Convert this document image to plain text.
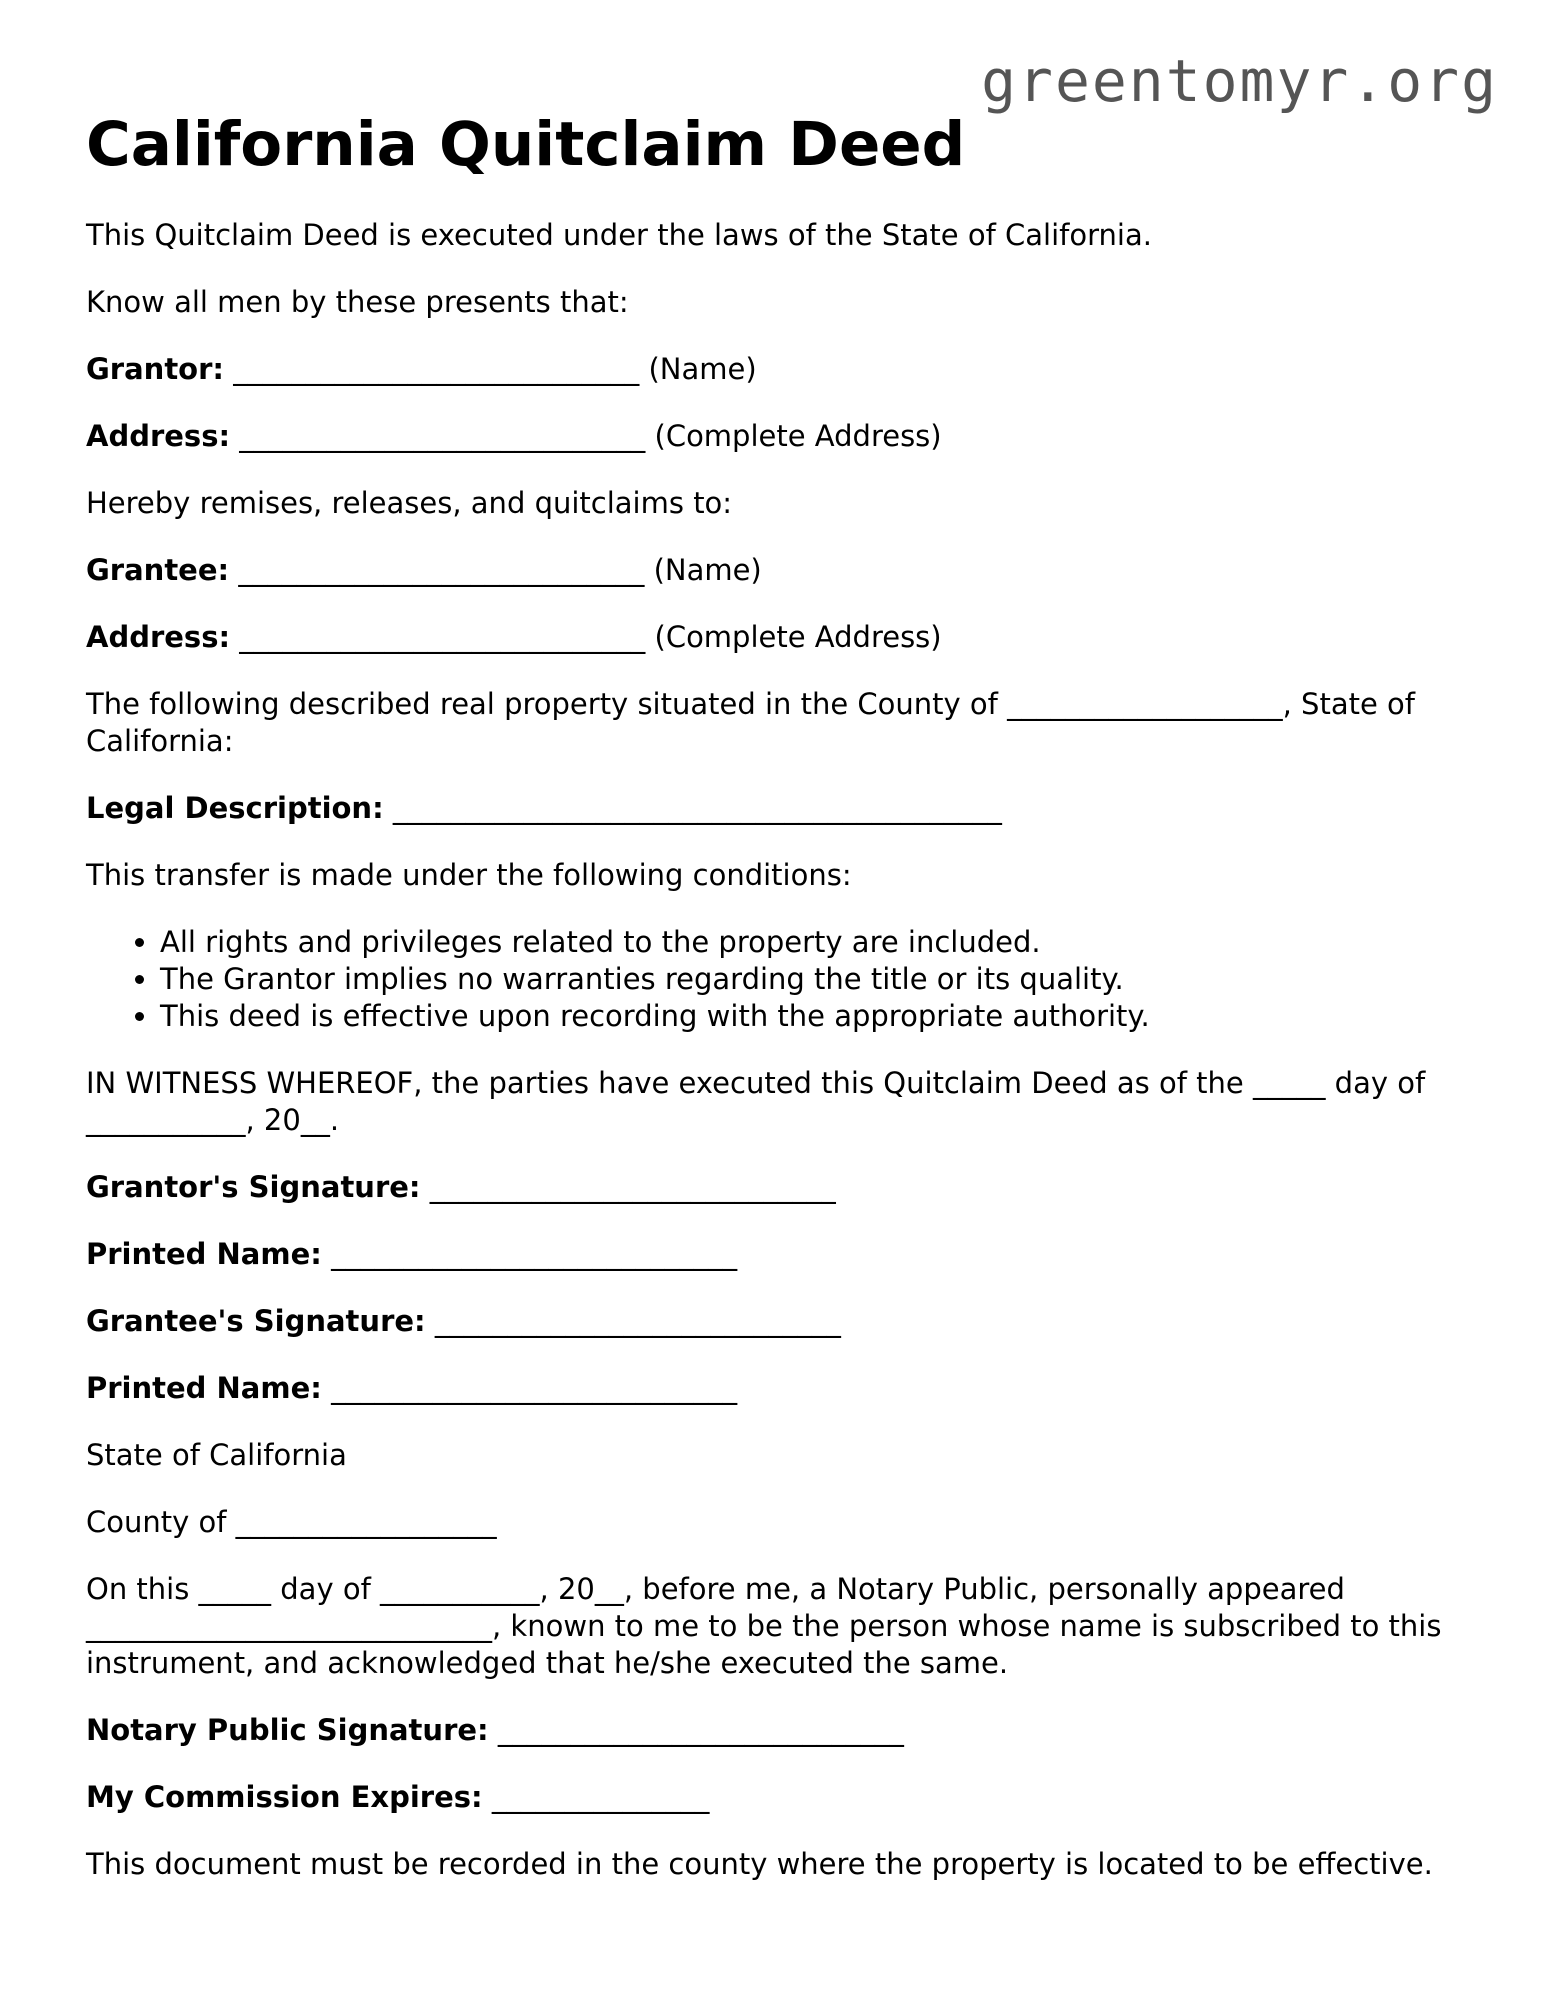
greentomyr.org
California Quitclaim Deed

This Quitclaim Deed is executed under the laws of the State of California.

Know all men by these presents that:

Grantor: ____________________________ (Name)

Address: ____________________________ (Complete Address)

Hereby remises, releases, and quitclaims to:

Grantee: ____________________________ (Name)

Address: ____________________________ (Complete Address)

The following described real property situated in the County of ___________________, State of California:

Legal Description: __________________________________________

This transfer is made under the following conditions:

• All rights and privileges related to the property are included.
• The Grantor implies no warranties regarding the title or its quality.
• This deed is effective upon recording with the appropriate authority.

IN WITNESS WHEREOF, the parties have executed this Quitclaim Deed as of the _____ day of ___________, 20__.

Grantor's Signature: ____________________________

Printed Name: ____________________________

Grantee's Signature: ____________________________

Printed Name: ____________________________

State of California

County of __________________

On this _____ day of ___________, 20__, before me, a Notary Public, personally appeared ____________________________, known to me to be the person whose name is subscribed to this instrument, and acknowledged that he/she executed the same.

Notary Public Signature: ____________________________

My Commission Expires: _______________

This document must be recorded in the county where the property is located to be effective.
